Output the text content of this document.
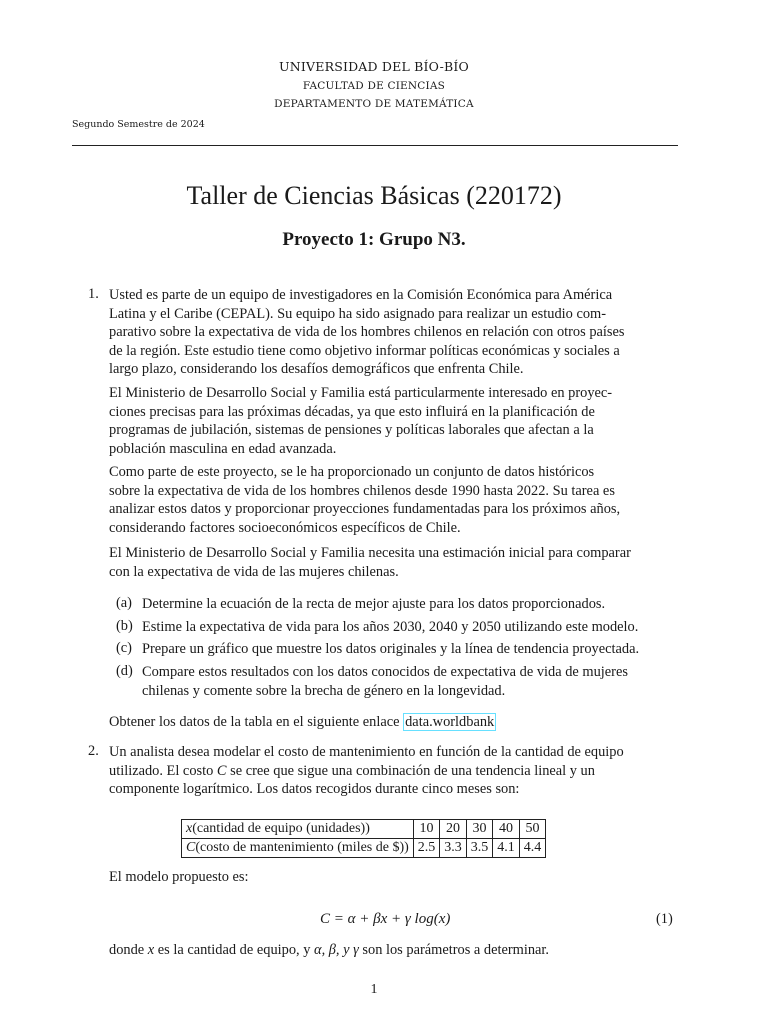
UNIVERSIDAD DEL BÍO-BÍO
FACULTAD DE CIENCIAS
DEPARTAMENTO DE MATEMÁTICA
Segundo Semestre de 2024
Taller de Ciencias Básicas (220172)
Proyecto 1: Grupo N3.
1. Usted es parte de un equipo de investigadores en la Comisión Económica para América
Latina y el Caribe (CEPAL). Su equipo ha sido asignado para realizar un estudio com-
parativo sobre la expectativa de vida de los hombres chilenos en relación con otros países
de la región. Este estudio tiene como objetivo informar políticas económicas y sociales a
largo plazo, considerando los desafíos demográficos que enfrenta Chile.
El Ministerio de Desarrollo Social y Familia está particularmente interesado en proyec-
ciones precisas para las próximas décadas, ya que esto influirá en la planificación de
programas de jubilación, sistemas de pensiones y políticas laborales que afectan a la
población masculina en edad avanzada.
Como parte de este proyecto, se le ha proporcionado un conjunto de datos históricos
sobre la expectativa de vida de los hombres chilenos desde 1990 hasta 2022. Su tarea es
analizar estos datos y proporcionar proyecciones fundamentadas para los próximos años,
considerando factores socioeconómicos específicos de Chile.
El Ministerio de Desarrollo Social y Familia necesita una estimación inicial para comparar
con la expectativa de vida de las mujeres chilenas.
(a) Determine la ecuación de la recta de mejor ajuste para los datos proporcionados.
(b) Estime la expectativa de vida para los años 2030, 2040 y 2050 utilizando este modelo.
(c) Prepare un gráfico que muestre los datos originales y la línea de tendencia proyectada.
(d) Compare estos resultados con los datos conocidos de expectativa de vida de mujeres
chilenas y comente sobre la brecha de género en la longevidad.
Obtener los datos de la tabla en el siguiente enlace data.worldbank
2. Un analista desea modelar el costo de mantenimiento en función de la cantidad de equipo
utilizado. El costo C se cree que sigue una combinación de una tendencia lineal y un
componente logarítmico. Los datos recogidos durante cinco meses son:
x(cantidad de equipo (unidades))	10	20	30	40	50
C(costo de mantenimiento (miles de $))	2.5	3.3	3.5	4.1	4.4
El modelo propuesto es:
C = α + βx + γ log(x)	(1)
donde x es la cantidad de equipo, y α, β, y γ son los parámetros a determinar.
1
